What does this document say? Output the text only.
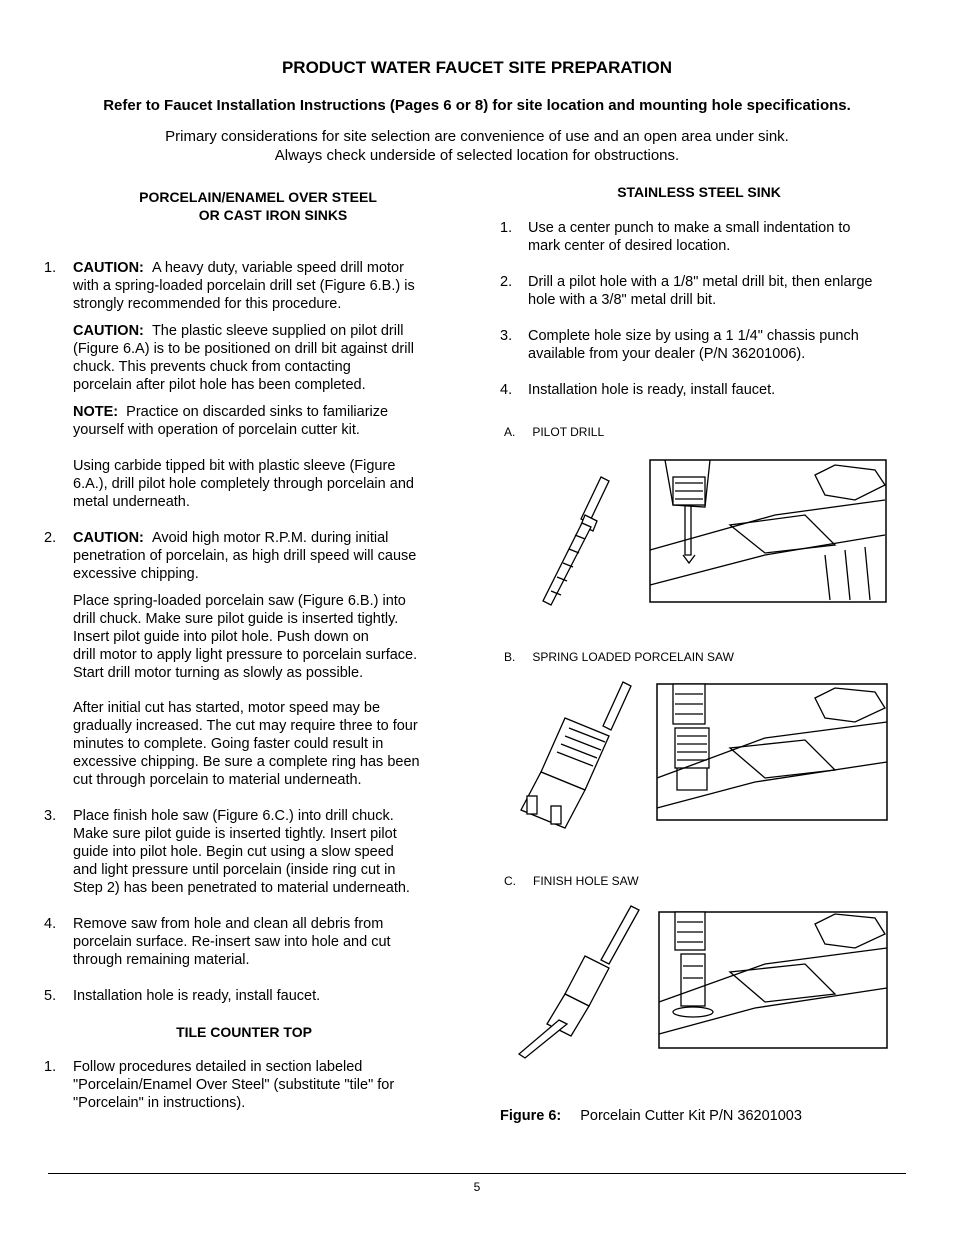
PRODUCT WATER FAUCET SITE PREPARATION
Refer to Faucet Installation Instructions (Pages 6 or 8) for site location and mounting hole specifications.
Primary considerations for site selection are convenience of use and an open area under sink.
Always check underside of selected location for obstructions.
PORCELAIN/ENAMEL OVER STEEL
OR CAST IRON SINKS
1. CAUTION: A heavy duty, variable speed drill motor
with a spring-loaded porcelain drill set (Figure 6.B.) is
strongly recommended for this procedure.
CAUTION: The plastic sleeve supplied on pilot drill
(Figure 6.A) is to be positioned on drill bit against drill
chuck. This prevents chuck from contacting
porcelain after pilot hole has been completed.
NOTE: Practice on discarded sinks to familiarize
yourself with operation of porcelain cutter kit.
Using carbide tipped bit with plastic sleeve (Figure
6.A.), drill pilot hole completely through porcelain and
metal underneath.
2. CAUTION: Avoid high motor R.P.M. during initial
penetration of porcelain, as high drill speed will cause
excessive chipping.
Place spring-loaded porcelain saw (Figure 6.B.) into
drill chuck. Make sure pilot guide is inserted tightly.
Insert pilot guide into pilot hole. Push down on
drill motor to apply light pressure to porcelain surface.
Start drill motor turning as slowly as possible.
After initial cut has started, motor speed may be
gradually increased. The cut may require three to four
minutes to complete. Going faster could result in
excessive chipping. Be sure a complete ring has been
cut through porcelain to material underneath.
3. Place finish hole saw (Figure 6.C.) into drill chuck.
Make sure pilot guide is inserted tightly. Insert pilot
guide into pilot hole. Begin cut using a slow speed
and light pressure until porcelain (inside ring cut in
Step 2) has been penetrated to material underneath.
4. Remove saw from hole and clean all debris from
porcelain surface. Re-insert saw into hole and cut
through remaining material.
5. Installation hole is ready, install faucet.
TILE COUNTER TOP
1. Follow procedures detailed in section labeled
"Porcelain/Enamel Over Steel" (substitute "tile" for
"Porcelain" in instructions).
STAINLESS STEEL SINK
1. Use a center punch to make a small indentation to
mark center of desired location.
2. Drill a pilot hole with a 1/8" metal drill bit, then enlarge
hole with a 3/8" metal drill bit.
3. Complete hole size by using a 1 1/4" chassis punch
available from your dealer (P/N 36201006).
4. Installation hole is ready, install faucet.
A. PILOT DRILL
B. SPRING LOADED PORCELAIN SAW
C. FINISH HOLE SAW
Figure 6: Porcelain Cutter Kit P/N 36201003
5
